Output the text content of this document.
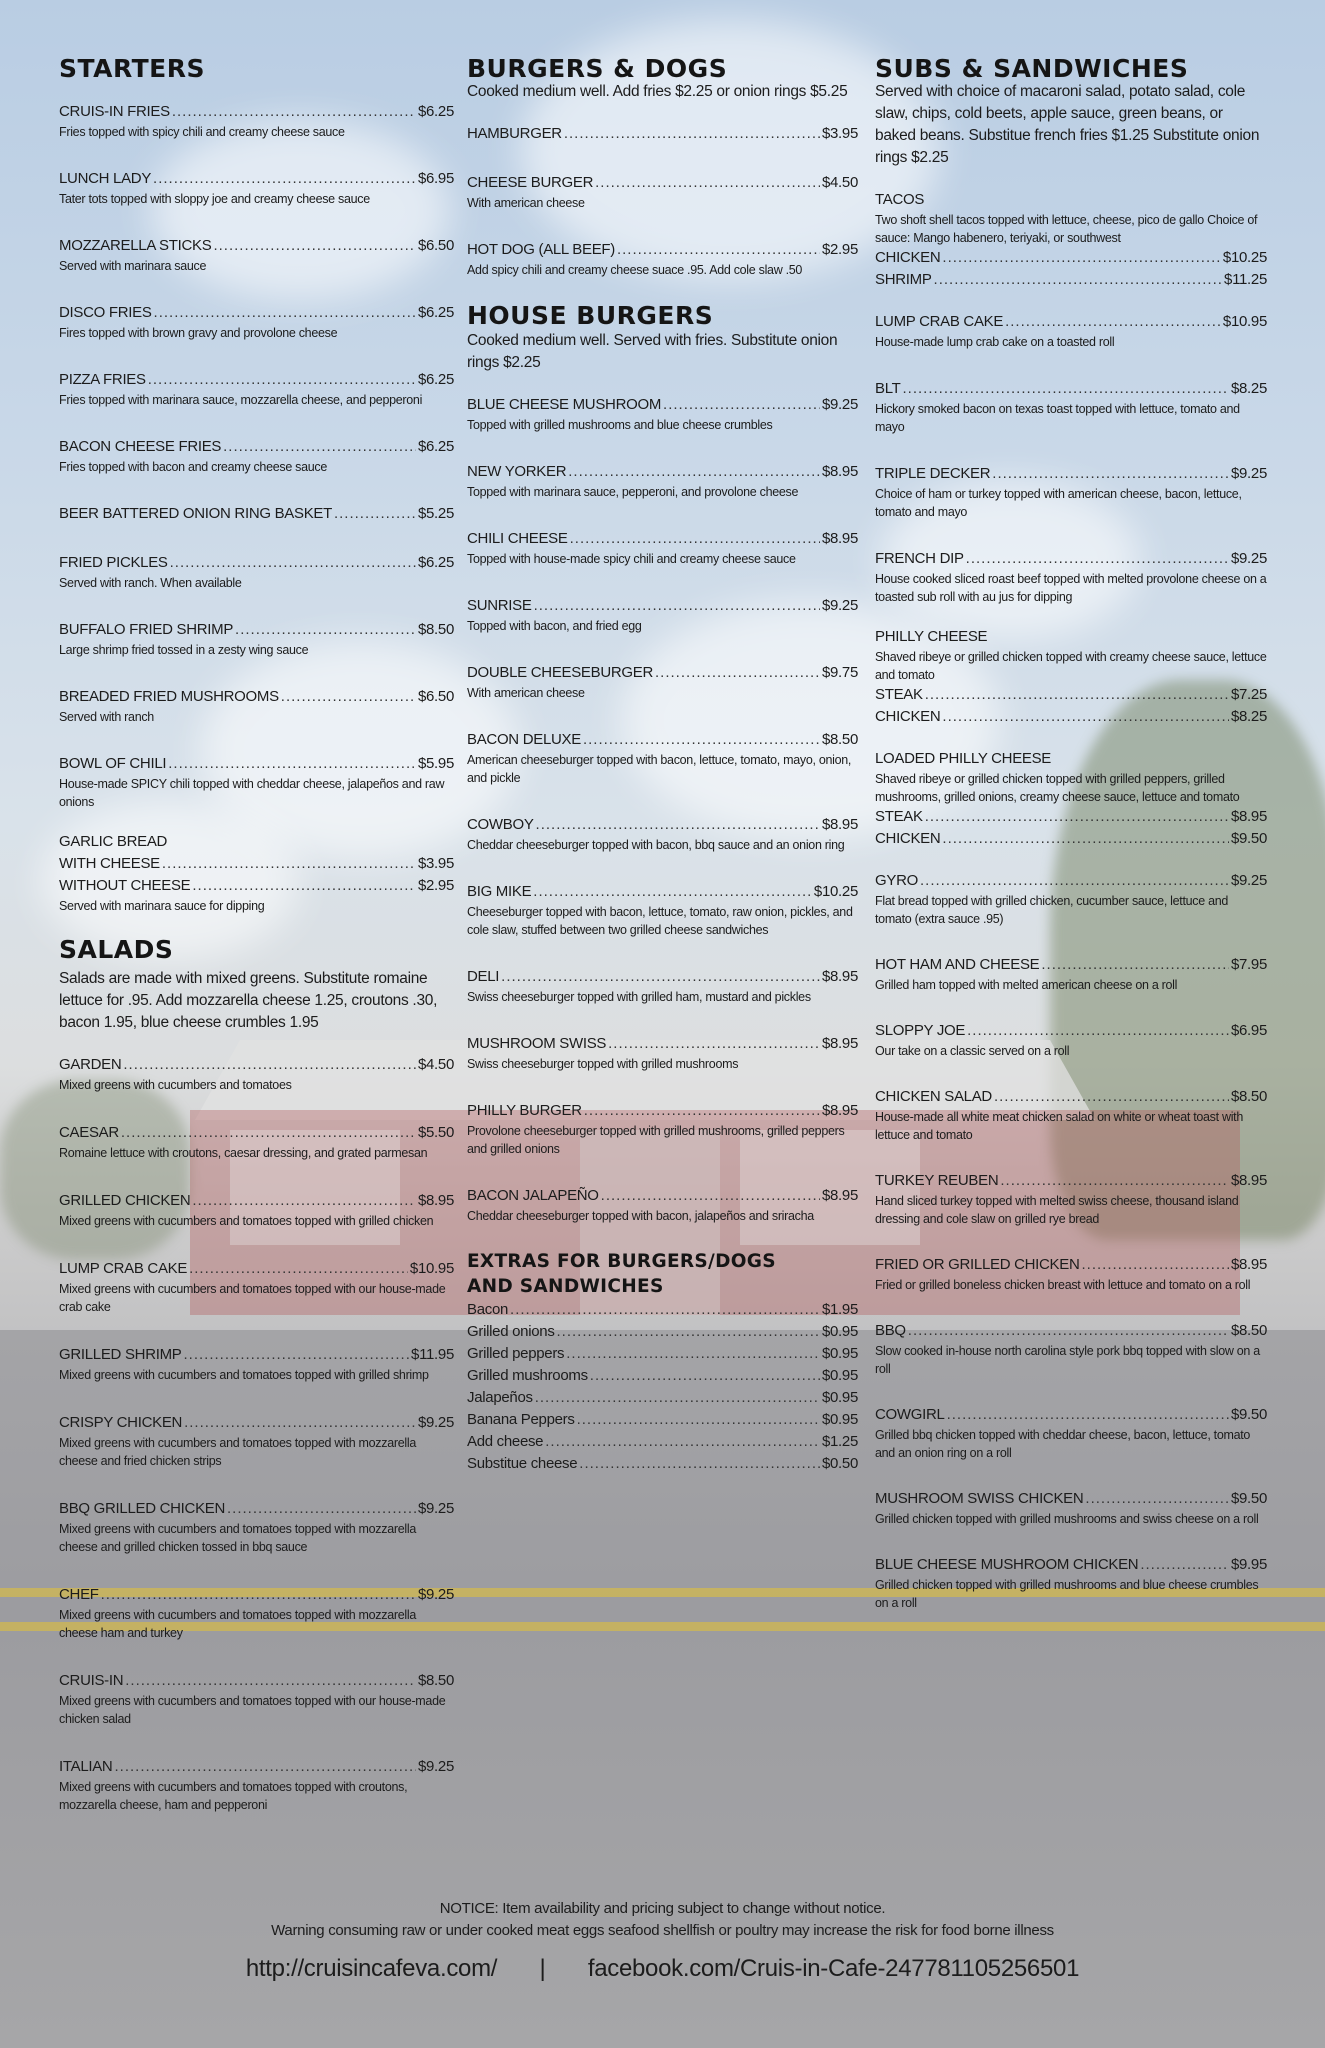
STARTERS
CRUIS-IN FRIES .....	$6.25
Fries topped with spicy chili and creamy cheese sauce
LUNCH LADY .....	$6.95
Tater tots topped with sloppy joe and creamy cheese sauce
MOZZARELLA STICKS .....	$6.50
Served with marinara sauce
DISCO FRIES .....	$6.25
Fires topped with brown gravy and provolone cheese
PIZZA FRIES .....	$6.25
Fries topped with marinara sauce, mozzarella cheese, and pepperoni
BACON CHEESE FRIES .....	$6.25
Fries topped with bacon and creamy cheese sauce
BEER BATTERED ONION RING BASKET .....	$5.25
FRIED PICKLES .....	$6.25
Served with ranch. When available
BUFFALO FRIED SHRIMP .....	$8.50
Large shrimp fried tossed in a zesty wing sauce
BREADED FRIED MUSHROOMS .....	$6.50
Served with ranch
BOWL OF CHILI .....	$5.95
House-made SPICY chili topped with cheddar cheese, jalapeños and raw onions
GARLIC BREAD
WITH CHEESE .....	$3.95
WITHOUT CHEESE .....	$2.95
Served with marinara sauce for dipping
SALADS
Salads are made with mixed greens. Substitute romaine lettuce for .95. Add mozzarella cheese 1.25, croutons .30, bacon 1.95, blue cheese crumbles 1.95
GARDEN .....	$4.50
Mixed greens with cucumbers and tomatoes
CAESAR .....	$5.50
Romaine lettuce with croutons, caesar dressing, and grated parmesan
GRILLED CHICKEN .....	$8.95
Mixed greens with cucumbers and tomatoes topped with grilled chicken
LUMP CRAB CAKE .....	$10.95
Mixed greens with cucumbers and tomatoes topped with our house-made crab cake
GRILLED SHRIMP .....	$11.95
Mixed greens with cucumbers and tomatoes topped with grilled shrimp
CRISPY CHICKEN .....	$9.25
Mixed greens with cucumbers and tomatoes topped with mozzarella cheese and fried chicken strips
BBQ GRILLED CHICKEN .....	$9.25
Mixed greens with cucumbers and tomatoes topped with mozzarella cheese and grilled chicken tossed in bbq sauce
CHEF .....	$9.25
Mixed greens with cucumbers and tomatoes topped with mozzarella cheese ham and turkey
CRUIS-IN .....	$8.50
Mixed greens with cucumbers and tomatoes topped with our house-made chicken salad
ITALIAN .....	$9.25
Mixed greens with cucumbers and tomatoes topped with croutons, mozzarella cheese, ham and pepperoni
BURGERS & DOGS
Cooked medium well. Add fries $2.25 or onion rings $5.25
HAMBURGER .....	$3.95
CHEESE BURGER .....	$4.50
With american cheese
HOT DOG (ALL BEEF) .....	$2.95
Add spicy chili and creamy cheese suace .95. Add cole slaw .50
HOUSE BURGERS
Cooked medium well. Served with fries. Substitute onion rings $2.25
BLUE CHEESE MUSHROOM .....	$9.25
Topped with grilled mushrooms and blue cheese crumbles
NEW YORKER .....	$8.95
Topped with marinara sauce, pepperoni, and provolone cheese
CHILI CHEESE .....	$8.95
Topped with house-made spicy chili and creamy cheese sauce
SUNRISE .....	$9.25
Topped with bacon, and fried egg
DOUBLE CHEESEBURGER .....	$9.75
With american cheese
BACON DELUXE .....	$8.50
American cheeseburger topped with bacon, lettuce, tomato, mayo, onion, and pickle
COWBOY .....	$8.95
Cheddar cheeseburger topped with bacon, bbq sauce and an onion ring
BIG MIKE .....	$10.25
Cheeseburger topped with bacon, lettuce, tomato, raw onion, pickles, and cole slaw, stuffed between two grilled cheese sandwiches
DELI .....	$8.95
Swiss cheeseburger topped with grilled ham, mustard and pickles
MUSHROOM SWISS .....	$8.95
Swiss cheeseburger topped with grilled mushrooms
PHILLY BURGER .....	$8.95
Provolone cheeseburger topped with grilled mushrooms, grilled peppers and grilled onions
BACON JALAPEÑO .....	$8.95
Cheddar cheeseburger topped with bacon, jalapeños and sriracha
EXTRAS FOR BURGERS/DOGS
AND SANDWICHES
Bacon .....	$1.95
Grilled onions .....	$0.95
Grilled peppers .....	$0.95
Grilled mushrooms .....	$0.95
Jalapeños .....	$0.95
Banana Peppers .....	$0.95
Add cheese .....	$1.25
Substitue cheese .....	$0.50
SUBS & SANDWICHES
Served with choice of macaroni salad, potato salad, cole slaw, chips, cold beets, apple sauce, green beans, or baked beans. Substitue french fries $1.25 Substitute onion rings $2.25
TACOS
Two shoft shell tacos topped with lettuce, cheese, pico de gallo Choice of sauce: Mango habenero, teriyaki, or southwest
CHICKEN .....	$10.25
SHRIMP .....	$11.25
LUMP CRAB CAKE .....	$10.95
House-made lump crab cake on a toasted roll
BLT .....	$8.25
Hickory smoked bacon on texas toast topped with lettuce, tomato and mayo
TRIPLE DECKER .....	$9.25
Choice of ham or turkey topped with american cheese, bacon, lettuce, tomato and mayo
FRENCH DIP .....	$9.25
House cooked sliced roast beef topped with melted provolone cheese on a toasted sub roll with au jus for dipping
PHILLY CHEESE
Shaved ribeye or grilled chicken topped with creamy cheese sauce, lettuce and tomato
STEAK .....	$7.25
CHICKEN .....	$8.25
LOADED PHILLY CHEESE
Shaved ribeye or grilled chicken topped with grilled peppers, grilled mushrooms, grilled onions, creamy cheese sauce, lettuce and tomato
STEAK .....	$8.95
CHICKEN .....	$9.50
GYRO .....	$9.25
Flat bread topped with grilled chicken, cucumber sauce, lettuce and tomato (extra sauce .95)
HOT HAM AND CHEESE .....	$7.95
Grilled ham topped with melted american cheese on a roll
SLOPPY JOE .....	$6.95
Our take on a classic served on a roll
CHICKEN SALAD .....	$8.50
House-made all white meat chicken salad on white or wheat toast with lettuce and tomato
TURKEY REUBEN .....	$8.95
Hand sliced turkey topped with melted swiss cheese, thousand island dressing and cole slaw on grilled rye bread
FRIED OR GRILLED CHICKEN .....	$8.95
Fried or grilled boneless chicken breast with lettuce and tomato on a roll
BBQ .....	$8.50
Slow cooked in-house north carolina style pork bbq topped with slow on a roll
COWGIRL .....	$9.50
Grilled bbq chicken topped with cheddar cheese, bacon, lettuce, tomato and an onion ring on a roll
MUSHROOM SWISS CHICKEN .....	$9.50
Grilled chicken topped with grilled mushrooms and swiss cheese on a roll
BLUE CHEESE MUSHROOM CHICKEN .....	$9.95
Grilled chicken topped with grilled mushrooms and blue cheese crumbles on a roll
NOTICE: Item availability and pricing subject to change without notice.
Warning consuming raw or under cooked meat eggs seafood shellfish or poultry may increase the risk for food borne illness
http://cruisincafeva.com/ | facebook.com/Cruis-in-Cafe-247781105256501
